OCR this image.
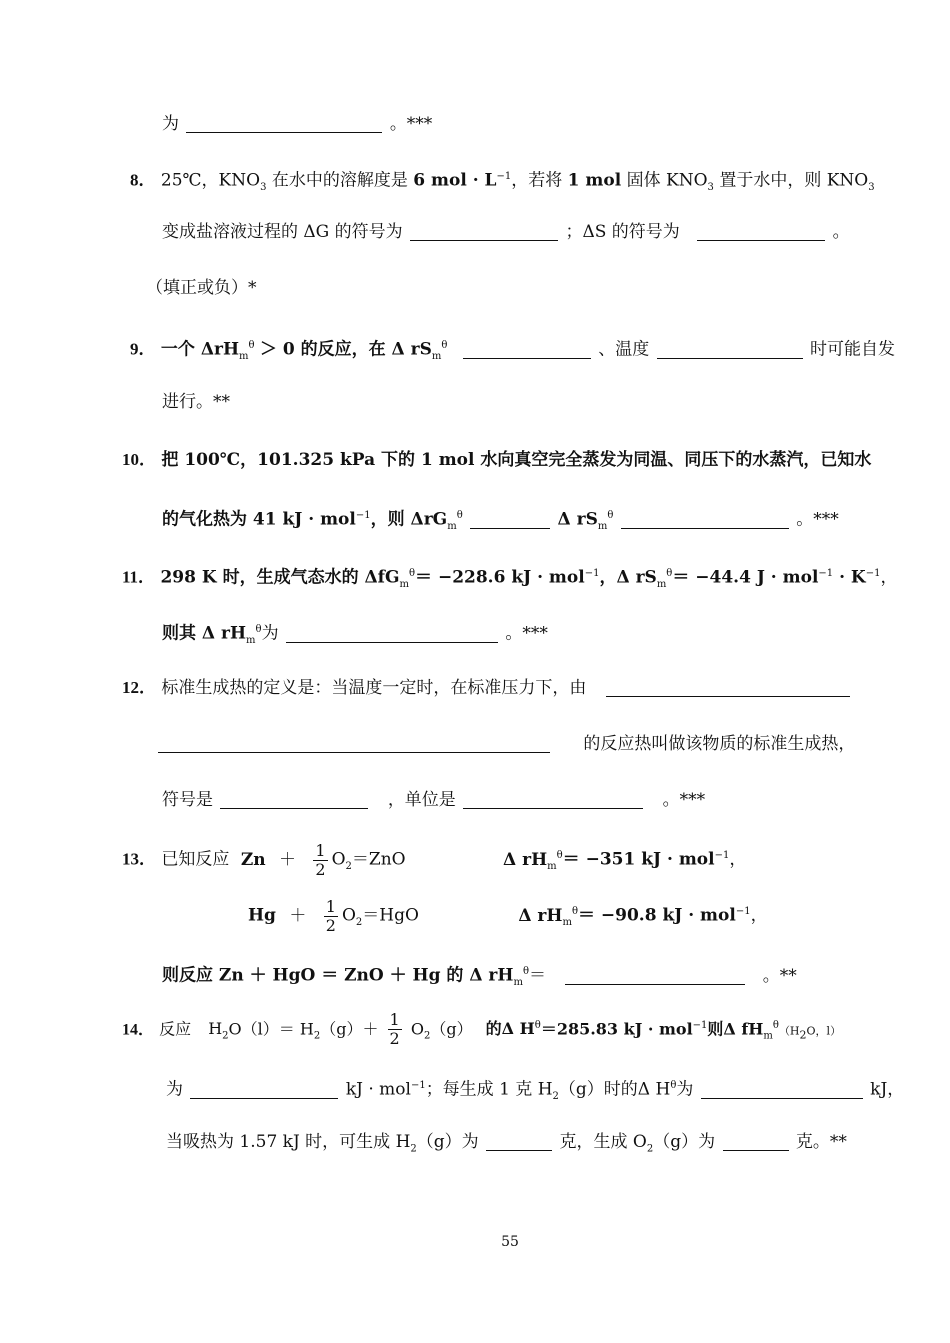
为	。***
8． 25℃，$KNO_3$ 在水中的溶解度是 6 mol · $L^{-1}$，若将 1 mol 固体 $KNO_3$ 置于水中，则 $KNO_3$
变成盐溶液过程的 ΔG 的符号为	；ΔS 的符号为	。
（填正或负）*
9． 一个 ΔrH$_m^\theta$ ＞ 0 的反应，在 Δ $rS_m^\theta$	、温度	时可能自发
进行。**
10． 把 100℃，101.325 kPa 下的 1 mol 水向真空完全蒸发为同温、同压下的水蒸汽，已知水
的气化热为 41 kJ · mol$^{-1}$，则 ΔrG$_m^\theta$	Δ $rS_m^\theta$	。***
11． 298 K 时，生成气态水的 ΔfG$_m^\theta$＝ −228.6 kJ · mol$^{-1}$，Δ $rS_m^\theta= -44.4$ $J \cdot mol^{-1} \cdot K^{-1}$，
则其 Δ $rH_m^\theta$为	。***
12． 标准生成热的定义是：当温度一定时，在标准压力下，由
的反应热叫做该物质的标准生成热，
符号是	，单位是	。***
13． 已知反应 $Zn + \frac{1}{2} O_2=ZnO$	Δ $rH_m^\theta= -351$ kJ · mol$^{-1}$，
$Hg + \frac{1}{2} O_2=HgO$	Δ $rH_m^\theta= -90.8$ kJ · mol$^{-1}$，
则反应 Zn ＋ HgO ＝ ZnO ＋ Hg 的 Δ $rH_m^\theta=$	。**
14． 反应 $H_2O(l)= H_2(g)+ \frac{1}{2} O_2(g)$ 的Δ $H^\theta=285.83$ kJ · mol$^{-1}$则Δ $fH_m^\theta(H_2O$，l）
为	kJ · mol$^{-1}$；每生成 1 克 $H_2(g)$时的Δ $H^\theta$为	kJ，
当吸热为 1.57 kJ 时，可生成 $H_2(g)$为	克，生成 $O_2(g)$为	克。**
55
